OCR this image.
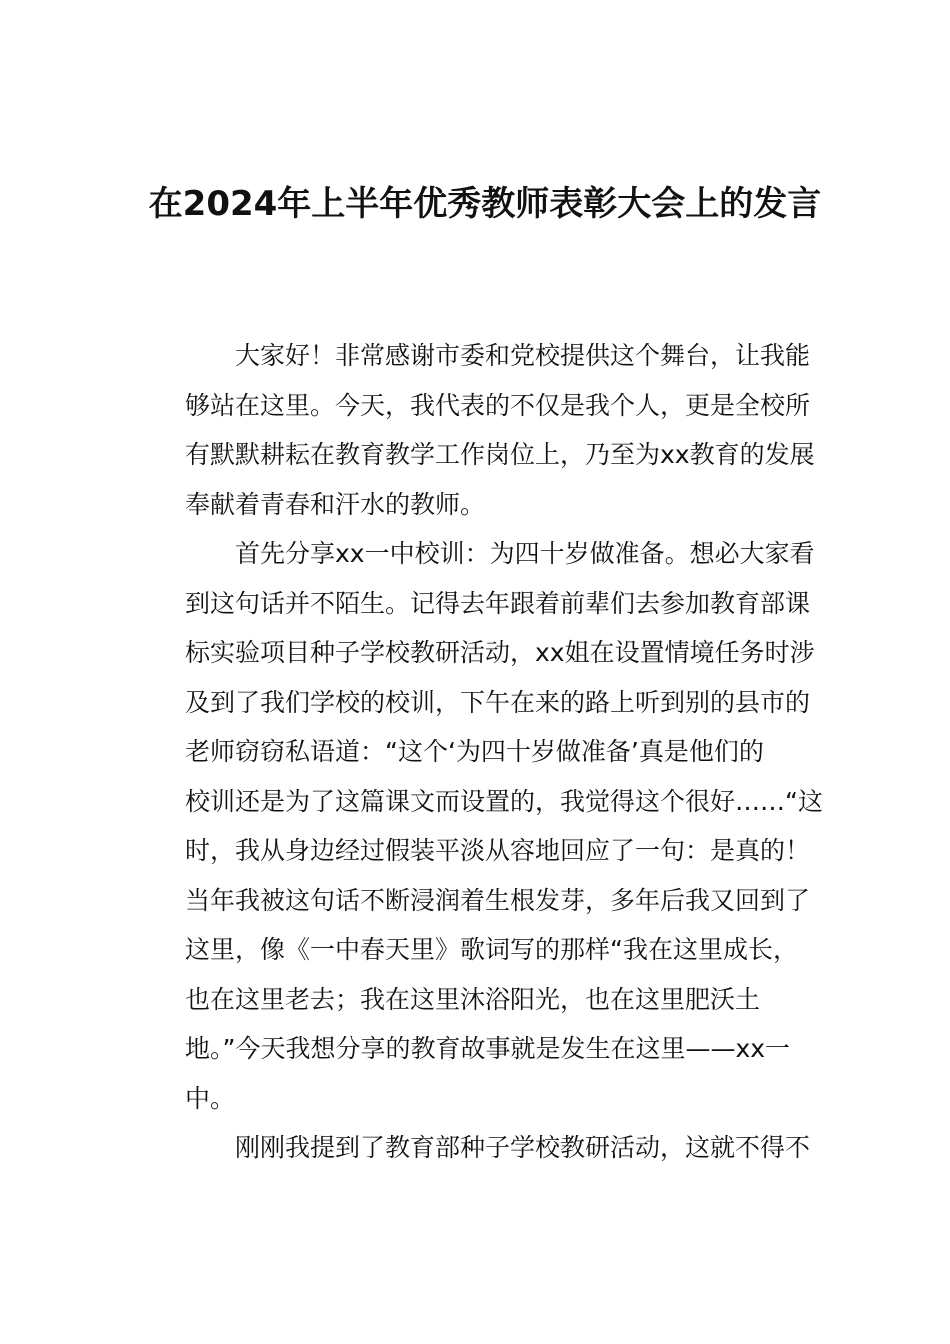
在2024年上半年优秀教师表彰大会上的发言
大家好！非常感谢市委和党校提供这个舞台，让我能
够站在这里。今天，我代表的不仅是我个人，更是全校所
有默默耕耘在教育教学工作岗位上，乃至为xx教育的发展
奉献着青春和汗水的教师。
首先分享xx一中校训：为四十岁做准备。想必大家看
到这句话并不陌生。记得去年跟着前辈们去参加教育部课
标实验项目种子学校教研活动，xx姐在设置情境任务时涉
及到了我们学校的校训，下午在来的路上听到别的县市的
老师窃窃私语道：“这个‘为四十岁做准备’真是他们的
校训还是为了这篇课文而设置的，我觉得这个很好……“这
时，我从身边经过假装平淡从容地回应了一句：是真的！
当年我被这句话不断浸润着生根发芽，多年后我又回到了
这里，像《一中春天里》歌词写的那样“我在这里成长，
也在这里老去；我在这里沐浴阳光，也在这里肥沃土
地。”今天我想分享的教育故事就是发生在这里——xx一
中。
刚刚我提到了教育部种子学校教研活动，这就不得不
